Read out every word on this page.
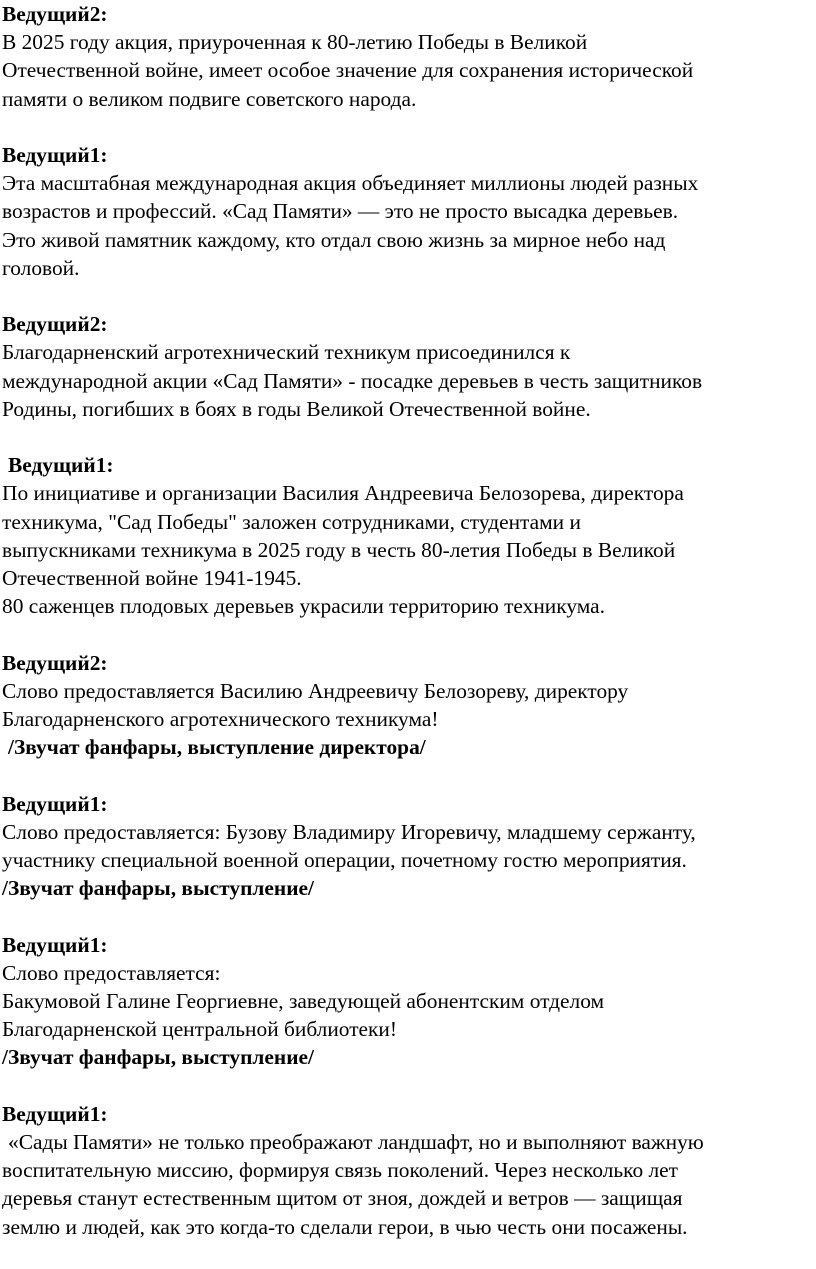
Ведущий2:
В 2025 году акция, приуроченная к 80-летию Победы в Великой
Отечественной войне, имеет особое значение для сохранения исторической
памяти о великом подвиге советского народа.
Ведущий1:
Эта масштабная международная акция объединяет миллионы людей разных
возрастов и профессий. «Сад Памяти» — это не просто высадка деревьев.
Это живой памятник каждому, кто отдал свою жизнь за мирное небо над
головой.
Ведущий2:
Благодарненский агротехнический техникум присоединился к
международной акции «Сад Памяти» - посадке деревьев в честь защитников
Родины, погибших в боях в годы Великой Отечественной войне.
Ведущий1:
По инициативе и организации Василия Андреевича Белозорева, директора
техникума, "Сад Победы" заложен сотрудниками, студентами и
выпускниками техникума в 2025 году в честь 80-летия Победы в Великой
Отечественной войне 1941-1945.
80 саженцев плодовых деревьев украсили территорию техникума.
Ведущий2:
Слово предоставляется Василию Андреевичу Белозореву, директору
Благодарненского агротехнического техникума!
/Звучат фанфары, выступление директора/
Ведущий1:
Слово предоставляется: Бузову Владимиру Игоревичу, младшему сержанту,
участнику специальной военной операции, почетному гостю мероприятия.
/Звучат фанфары, выступление/
Ведущий1:
Слово предоставляется:
Бакумовой Галине Георгиевне, заведующей абонентским отделом
Благодарненской центральной библиотеки!
/Звучат фанфары, выступление/
Ведущий1:
«Сады Памяти» не только преображают ландшафт, но и выполняют важную
воспитательную миссию, формируя связь поколений. Через несколько лет
деревья станут естественным щитом от зноя, дождей и ветров — защищая
землю и людей, как это когда-то сделали герои, в чью честь они посажены.
